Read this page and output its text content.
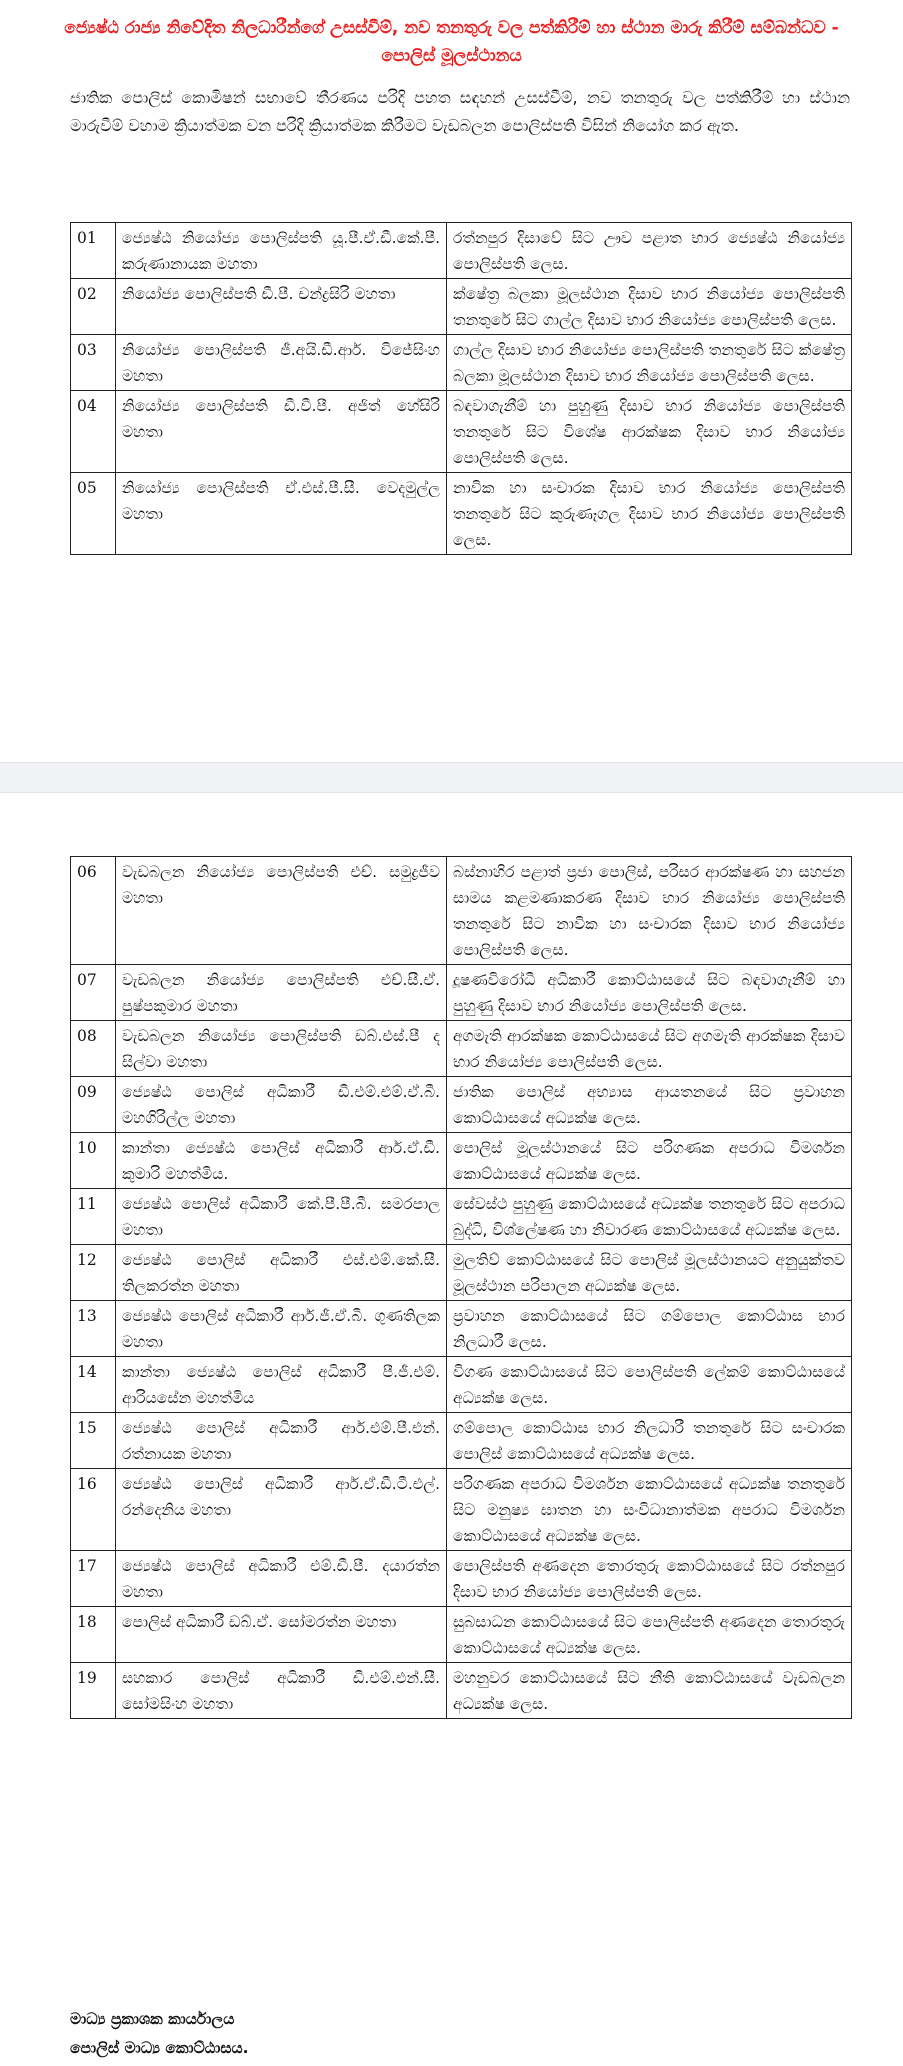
ජ්‍යෙෂ්ඨ රාජ්‍ය නිවේදිත නිලධාරීන්ගේ උසස්වීම්, නව තනතුරු වල පත්කිරීම් හා ස්ථාන මාරු කිරීම් සම්බන්ධව - පොලිස් මූලස්ථානය
ජාතික පොලිස් කොමිෂන් සභාවේ තීරණය පරිදි පහත සඳහන් උසස්වීම්, නව තනතුරු වල පත්කිරීම් හා ස්ථාන මාරුවීම් වහාම ක්‍රියාත්මක වන පරිදි ක්‍රියාත්මක කිරීමට වැඩබලන පොලිස්පති විසින් නියෝග කර ඇත.
01	ජ්‍යෙෂ්ඨ නියෝජ්‍ය පොලිස්පති යූ.පී.ඒ.ඩී.කේ.පී. කරුණානායක මහතා	රත්නපුර දිසාවේ සිට ඌව පළාත භාර ජ්‍යෙෂ්ඨ නියෝජ්‍ය පොලිස්පති ලෙස.
02	නියෝජ්‍ය පොලිස්පති ඩී.පී. චන්ද්‍රසිරි මහතා	ක්ෂේත්‍ර බලකා මූලස්ථාන දිසාව භාර නියෝජ්‍ය පොලිස්පති තනතුරේ සිට ගාල්ල දිසාව භාර නියෝජ්‍ය පොලිස්පති ලෙස.
03	නියෝජ්‍ය පොලිස්පති ජී.අයි.ඩී.ආර්. විජේසිංහ මහතා	ගාල්ල දිසාව භාර නියෝජ්‍ය පොලිස්පති තනතුරේ සිට ක්ෂේත්‍ර බලකා මූලස්ථාන දිසාව භාර නියෝජ්‍ය පොලිස්පති ලෙස.
04	නියෝජ්‍ය පොලිස්පති ඩී.වී.පී. අජිත් හේසිරි මහතා	බඳවාගැනීම් හා පුහුණු දිසාව භාර නියෝජ්‍ය පොලිස්පති තනතුරේ සිට විශේෂ ආරක්ෂක දිසාව භාර නියෝජ්‍ය පොලිස්පති ලෙස.
05	නියෝජ්‍ය පොලිස්පති ඒ.එස්.පී.සී. වෙදමුල්ල මහතා	නාවික හා සංචාරක දිසාව භාර නියෝජ්‍ය පොලිස්පති තනතුරේ සිට කුරුණෑගල දිසාව භාර නියෝජ්‍ය පොලිස්පති ලෙස.
06	වැඩබලන නියෝජ්‍ය පොලිස්පති එච්. සමුද්‍රජීව මහතා	බස්නාහිර පළාත් ප්‍රජා පොලිස්, පරිසර ආරක්ෂණ හා සහජන සාමය කළමණාකරණ දිසාව භාර නියෝජ්‍ය පොලිස්පති තනතුරේ සිට නාවික හා සංචාරක දිසාව භාර නියෝජ්‍ය පොලිස්පති ලෙස.
07	වැඩබලන නියෝජ්‍ය පොලිස්පති එච්.සී.ඒ. පුෂ්පකුමාර මහතා	දූෂණවිරෝධී අධිකාරී කොට්ඨාසයේ සිට බඳවාගැනීම් හා පුහුණු දිසාව භාර නියෝජ්‍ය පොලිස්පති ලෙස.
08	වැඩබලන නියෝජ්‍ය පොලිස්පති ඩබ්.එස්.පී ද සිල්වා මහතා	අගමැති ආරක්ෂක කොට්ඨාසයේ සිට අගමැති ආරක්ෂක දිසාව භාර නියෝජ්‍ය පොලිස්පති ලෙස.
09	ජ්‍යෙෂ්ඨ පොලිස් අධිකාරී ඩී.එම්.එම්.ඒ.බී. මහගිරිල්ල මහතා	ජාතික පොලිස් අභ්‍යාස ආයතනයේ සිට ප්‍රවාහන කොට්ඨාසයේ අධ්‍යක්ෂ ලෙස.
10	කාන්තා ජ්‍යෙෂ්ඨ පොලිස් අධිකාරී ආර්.ඒ.ඩී. කුමාරි මහත්මිය.	පොලිස් මූලස්ථානයේ සිට පරිගණක අපරාධ විමර්ශන කොට්ඨාසයේ අධ්‍යක්ෂ ලෙස.
11	ජ්‍යෙෂ්ඨ පොලිස් අධිකාරී කේ.පී.පී.බී. සමරපාල මහතා	සේවස්ථ පුහුණු කොට්ඨාසයේ අධ්‍යක්ෂ තනතුරේ සිට අපරාධ බුද්ධි, විශ්ලේෂණ හා නිවාරණ කොට්ඨාසයේ අධ්‍යක්ෂ ලෙස.
12	ජ්‍යෙෂ්ඨ පොලිස් අධිකාරී එස්.එම්.කේ.සී. තිලකරත්න මහතා	මුලතිව් කොට්ඨාසයේ සිට පොලිස් මූලස්ථානයට අනුයුක්තව මූලස්ථාන පරිපාලන අධ්‍යක්ෂ ලෙස.
13	ජ්‍යෙෂ්ඨ පොලිස් අධිකාරී ආර්.ජී.ඒ.බී. ගුණතිලක මහතා	ප්‍රවාහන කොට්ඨාසයේ සිට ගම්පොල කොට්ඨාස භාර නිලධාරී ලෙස.
14	කාන්තා ජ්‍යෙෂ්ඨ පොලිස් අධිකාරී පී.ජී.එම්. ආරියසේන මහත්මිය	විගණ කොට්ඨාසයේ සිට පොලිස්පති ලේකම් කොට්ඨාසයේ අධ්‍යක්ෂ ලෙස.
15	ජ්‍යෙෂ්ඨ පොලිස් අධිකාරී ආර්.එම්.පී.එන්. රත්නායක මහතා	ගම්පොල කොට්ඨාස භාර නිලධාරී තනතුරේ සිට සංචාරක පොලිස් කොට්ඨාසයේ අධ්‍යක්ෂ ලෙස.
16	ජ්‍යෙෂ්ඨ පොලිස් අධිකාරී ආර්.ඒ.ඩී.ටී.එල්. රන්දෙනිය මහතා	පරිගණක අපරාධ විමර්ශන කොට්ඨාසයේ අධ්‍යක්ෂ තනතුරේ සිට මනුෂ්‍ය ඝාතන හා සංවිධානාත්මක අපරාධ විමර්ශන කොට්ඨාසයේ අධ්‍යක්ෂ ලෙස.
17	ජ්‍යෙෂ්ඨ පොලිස් අධිකාරී එම්.ඩී.පී. දයාරත්න මහතා	පොලිස්පති අණදෙන තොරතුරු කොට්ඨාසයේ සිට රත්නපුර දිසාව භාර නියෝජ්‍ය පොලිස්පති ලෙස.
18	පොලිස් අධිකාරී ඩබ්.ඒ. සෝමරත්න මහතා	සුබසාධන කොට්ඨාසයේ සිට පොලිස්පති අණදෙන තොරතුරු කොට්ඨාසයේ අධ්‍යක්ෂ ලෙස.
19	සහකාර පොලිස් අධිකාරී ඩී.එම්.එන්.සී. සෝමසිංහ මහතා	මහනුවර කොට්ඨාසයේ සිට නීති කොට්ඨාසයේ වැඩබලන අධ්‍යක්ෂ ලෙස.
මාධ්‍ය ප්‍රකාශක කාර්යාලය
පොලිස් මාධ්‍ය කොට්ඨාසය.
